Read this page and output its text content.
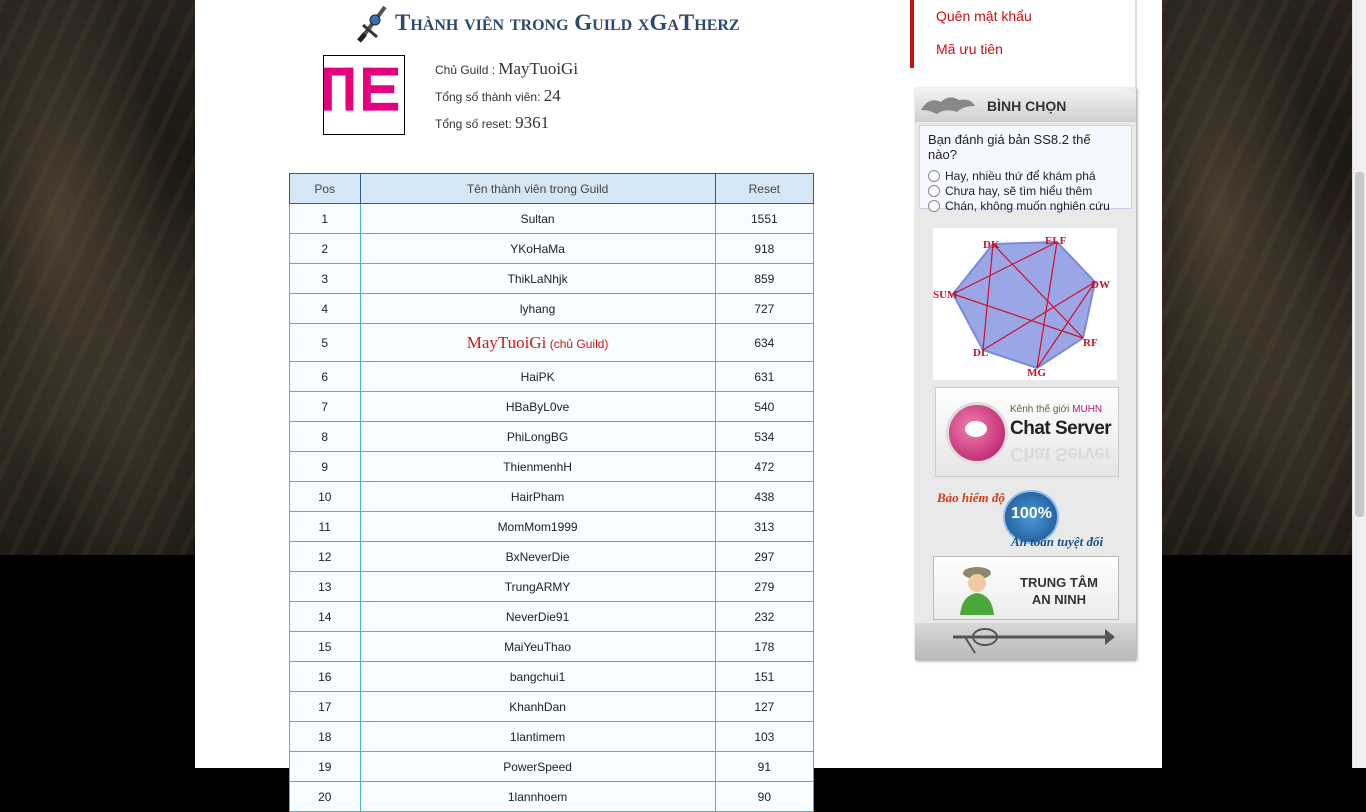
Thành viên trong Guild xGaTherz
Chủ Guild : MayTuoiGi
Tổng số thành viên: 24
Tổng số reset: 9361
Pos	Tên thành viên trong Guild	Reset
1	Sultan	1551
2	YKoHaMa	918
3	ThikLaNhjk	859
4	lyhang	727
5	MayTuoiGi (chủ Guild)	634
6	HaiPK	631
7	HBaByL0ve	540
8	PhiLongBG	534
9	ThienmenhH	472
10	HairPham	438
11	MomMom1999	313
12	BxNeverDie	297
13	TrungARMY	279
14	NeverDie91	232
15	MaiYeuThao	178
16	bangchui1	151
17	KhanhDan	127
18	1lantimem	103
19	PowerSpeed	91
20	1lannhoem	90
Quên mật khẩu
Mã ưu tiên
BÌNH CHỌN
Bạn đánh giá bản SS8.2 thế nào?
Hay, nhiều thứ để khám phá
Chưa hay, sẽ tìm hiểu thêm
Chán, không muốn nghiên cứu
DK	ELF
DW
RF
MG
DL
SUM
Kênh thế giới MUHN
Chat Server
Chat Server
100%
Bảo hiểm độ
An toàn tuyệt đối
TRUNG TÂM
AN NINH
